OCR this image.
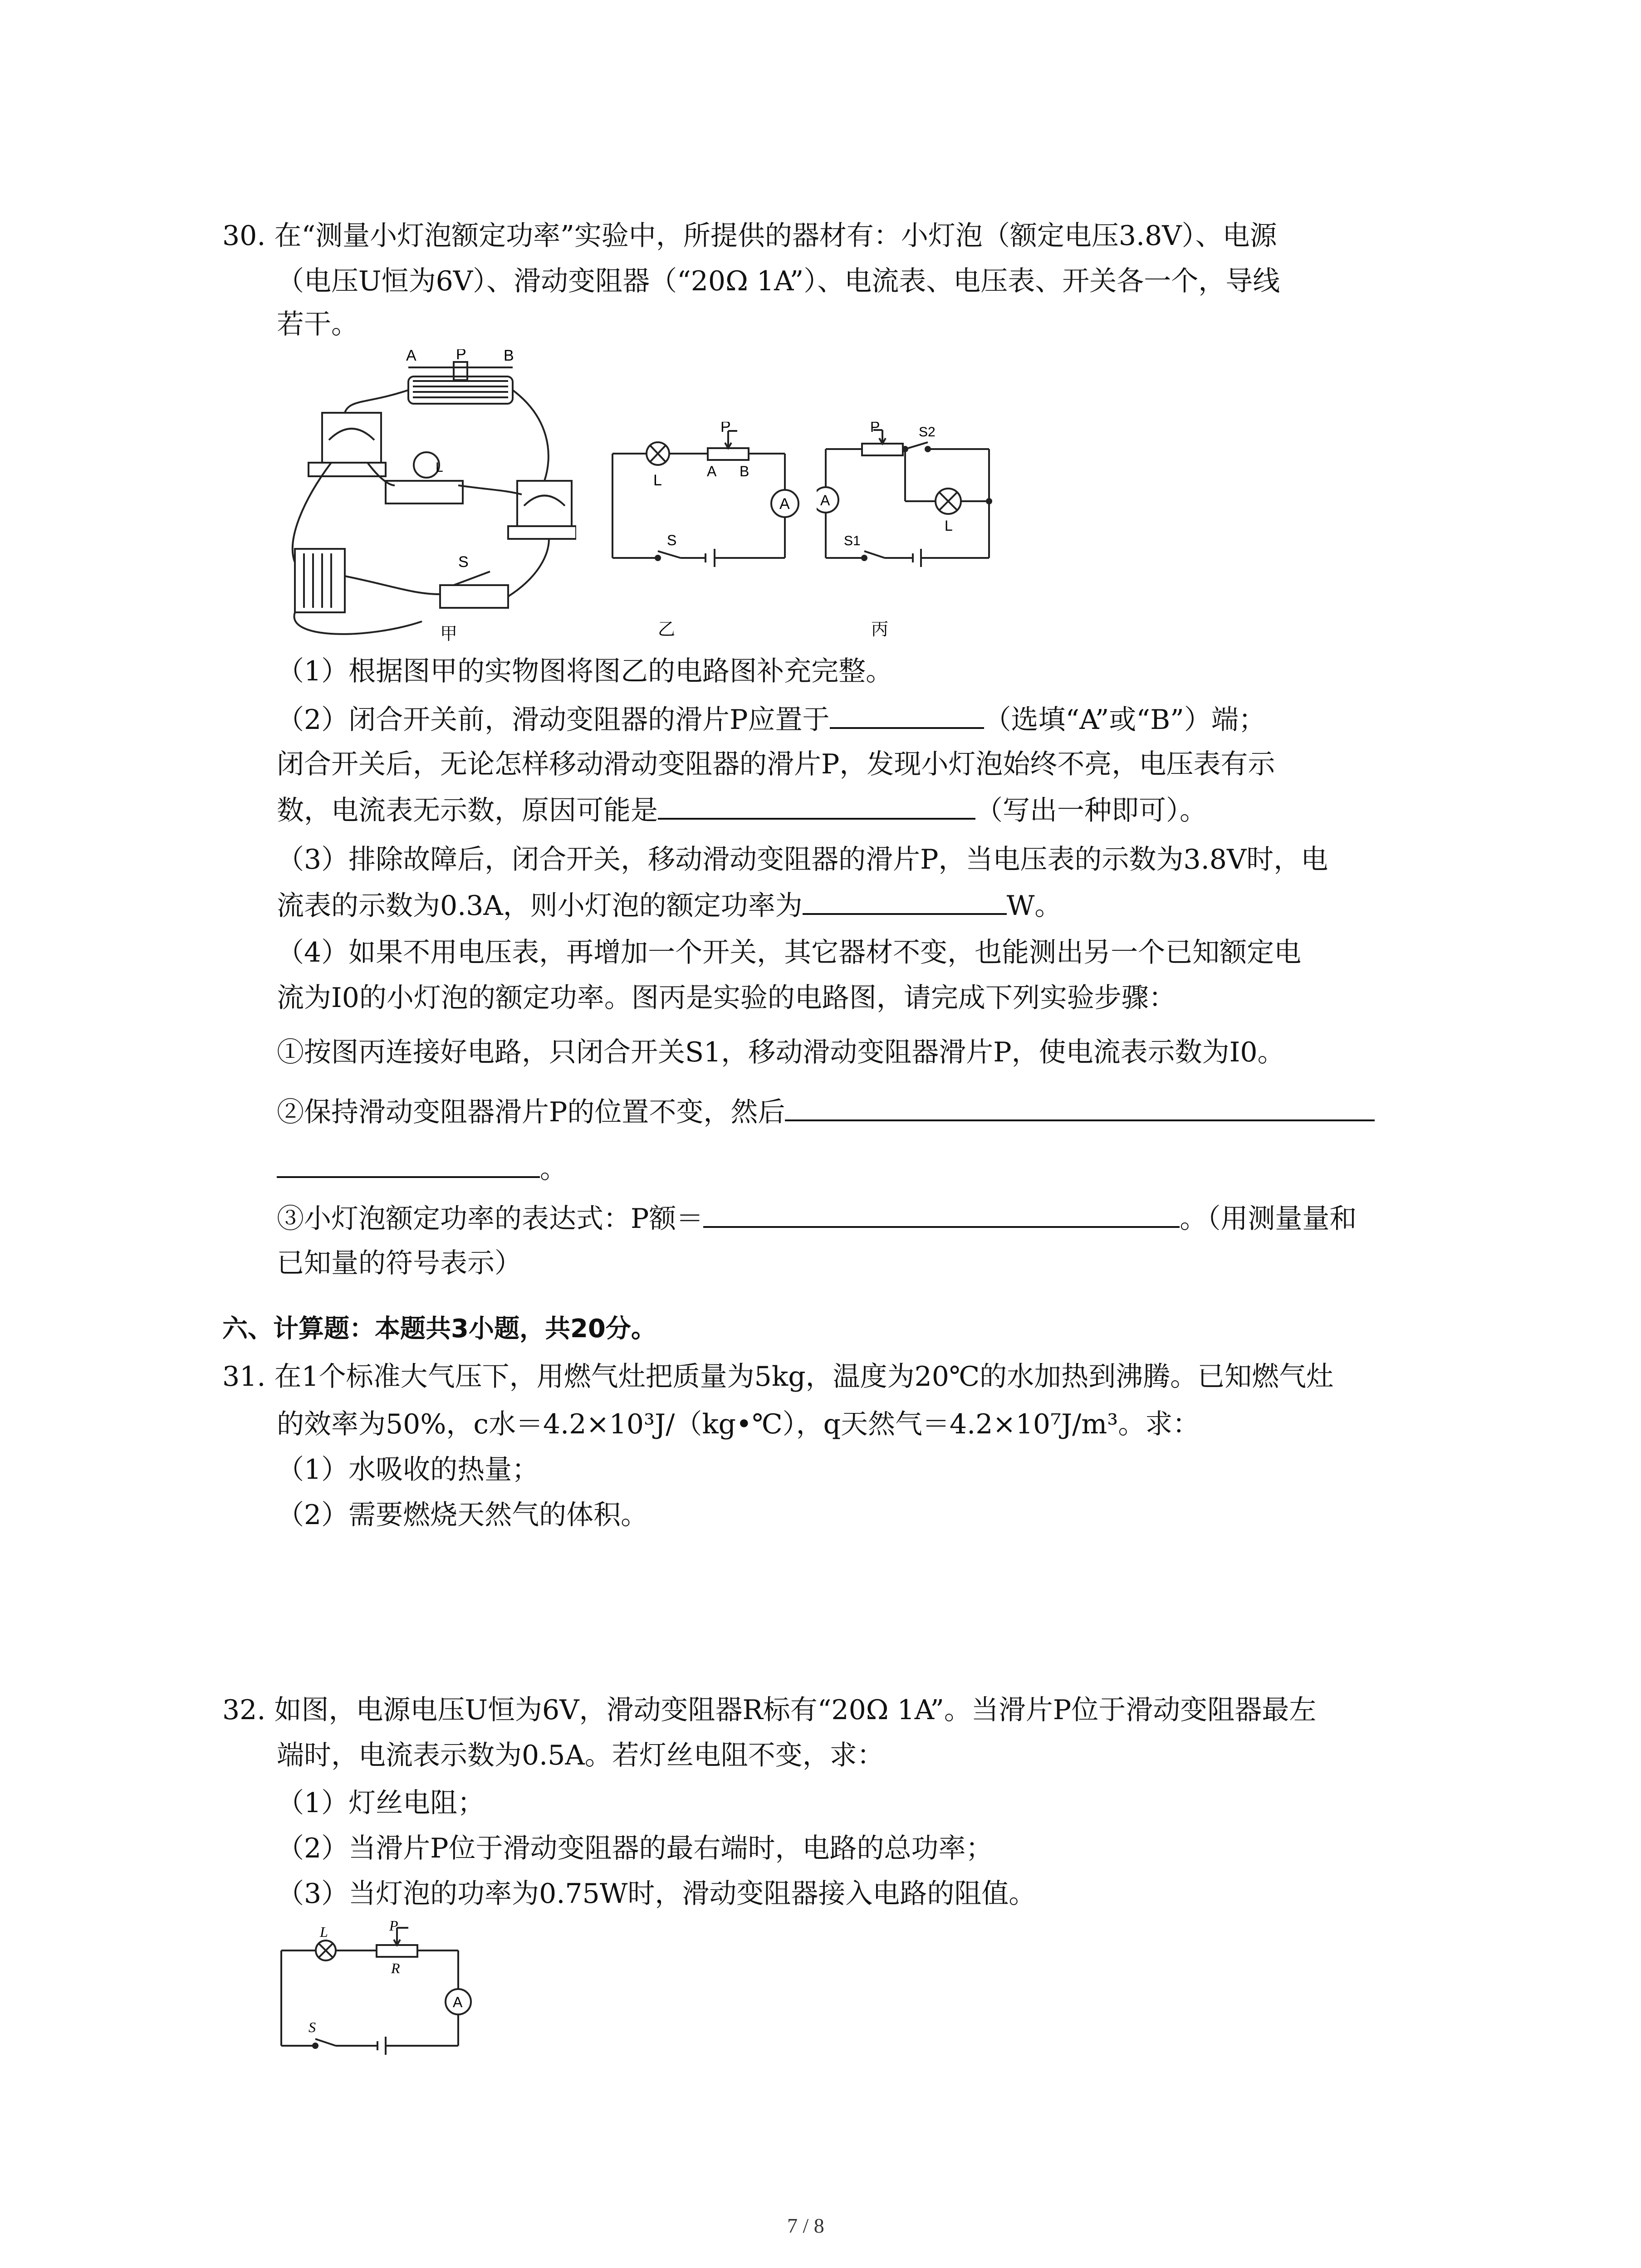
30. 在“测量小灯泡额定功率”实验中，所提供的器材有：小灯泡（额定电压3.8V）、电源
（电压U恒为6V）、滑动变阻器（“20Ω 1A”）、电流表、电压表、开关各一个，导线
若干。
A	P B
L
S
甲
L
P
A B
A
S
乙
P	S2
A
L
S1
丙
（1）根据图甲的实物图将图乙的电路图补充完整。
（2）闭合开关前，滑动变阻器的滑片P应置于	（选填“A”或“B”）端；
闭合开关后，无论怎样移动滑动变阻器的滑片P，发现小灯泡始终不亮，电压表有示
数，电流表无示数，原因可能是	（写出一种即可）。
（3）排除故障后，闭合开关，移动滑动变阻器的滑片P，当电压表的示数为3.8V时，电
流表的示数为0.3A，则小灯泡的额定功率为	W。
（4）如果不用电压表，再增加一个开关，其它器材不变，也能测出另一个已知额定电
流为I0的小灯泡的额定功率。图丙是实验的电路图，请完成下列实验步骤：
①按图丙连接好电路，只闭合开关S1，移动滑动变阻器滑片P，使电流表示数为I0。
②保持滑动变阻器滑片P的位置不变，然后
。
③小灯泡额定功率的表达式：P额＝	。（用测量量和
已知量的符号表示）
六、计算题：本题共3小题，共20分。
31. 在1个标准大气压下，用燃气灶把质量为5kg，温度为20℃的水加热到沸腾。已知燃气灶
的效率为50%，c水＝4.2×10³J/（kg•℃），q天然气＝4.2×10⁷J/m³。求：
（1）水吸收的热量；
（2）需要燃烧天然气的体积。
32. 如图，电源电压U恒为6V，滑动变阻器R标有“20Ω 1A”。当滑片P位于滑动变阻器最左
端时，电流表示数为0.5A。若灯丝电阻不变，求：
（1）灯丝电阻；
（2）当滑片P位于滑动变阻器的最右端时，电路的总功率；
（3）当灯泡的功率为0.75W时，滑动变阻器接入电路的阻值。
L	P
R
A
S
7 / 8
